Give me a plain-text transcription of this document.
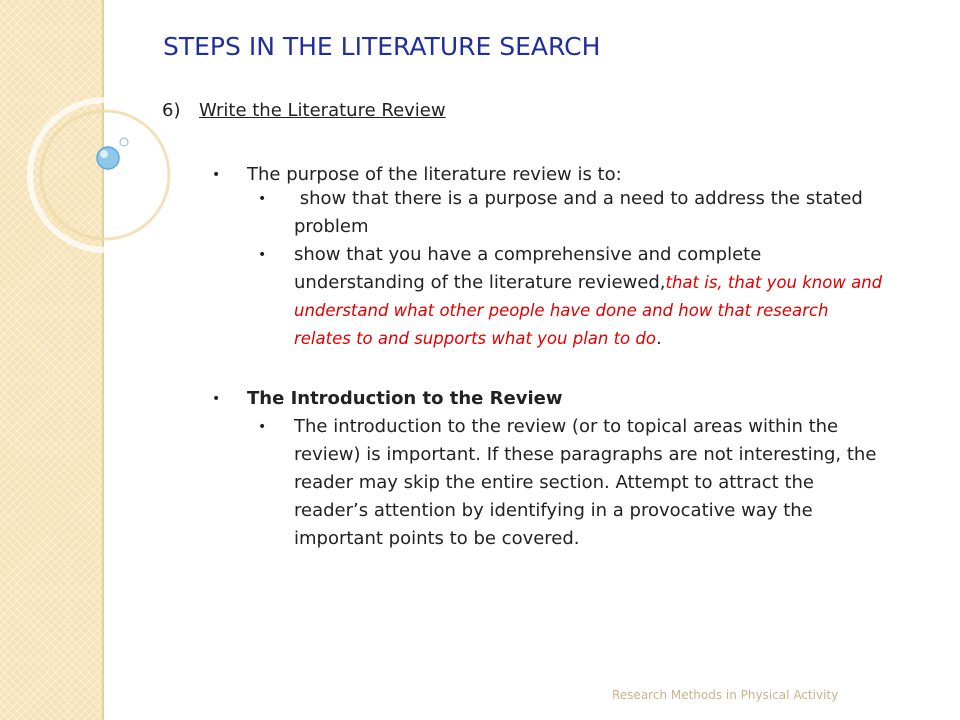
STEPS IN THE LITERATURE SEARCH
6) Write the Literature Review
• The purpose of the literature review is to:
• show that there is a purpose and a need to address the stated problem
• show that you have a comprehensive and complete understanding of the literature reviewed,that is, that you know and understand what other people have done and how that research relates to and supports what you plan to do.
• The Introduction to the Review
• The introduction to the review (or to topical areas within the review) is important. If these paragraphs are not interesting, the reader may skip the entire section. Attempt to attract the reader’s attention by identifying in a provocative way the important points to be covered.
Research Methods in Physical Activity
